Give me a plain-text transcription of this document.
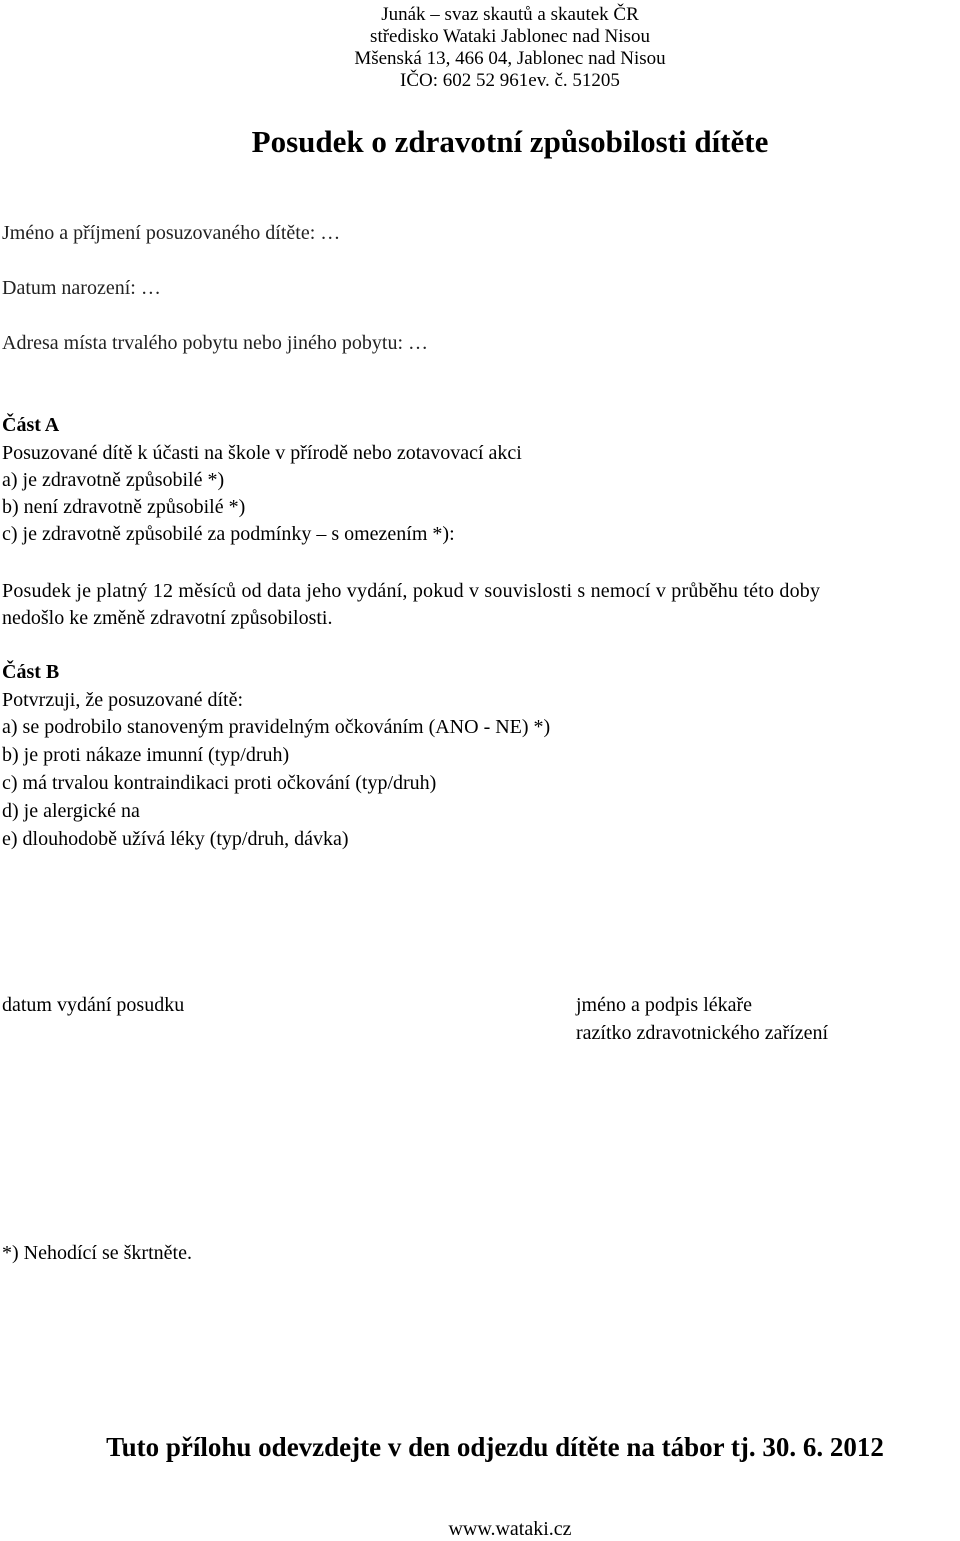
Junák – svaz skautů a skautek ČR
středisko Wataki Jablonec nad Nisou
Mšenská 13, 466 04, Jablonec nad Nisou
IČO: 602 52 961ev. č. 51205
Posudek o zdravotní způsobilosti dítěte
Jméno a příjmení posuzovaného dítěte: …
Datum narození: …
Adresa místa trvalého pobytu nebo jiného pobytu: …
Část A
Posuzované dítě k účasti na škole v přírodě nebo zotavovací akci
a) je zdravotně způsobilé *)
b) není zdravotně způsobilé *)
c) je zdravotně způsobilé za podmínky – s omezením *):
Posudek je platný 12 měsíců od data jeho vydání, pokud v souvislosti s nemocí v průběhu této doby
nedošlo ke změně zdravotní způsobilosti.
Část B
Potvrzuji, že posuzované dítě:
a) se podrobilo stanoveným pravidelným očkováním (ANO - NE) *)
b) je proti nákaze imunní (typ/druh)
c) má trvalou kontraindikaci proti očkování (typ/druh)
d) je alergické na
e) dlouhodobě užívá léky (typ/druh, dávka)
datum vydání posudku	jméno a podpis lékaře
razítko zdravotnického zařízení
*) Nehodící se škrtněte.
Tuto přílohu odevzdejte v den odjezdu dítěte na tábor tj. 30. 6. 2012
www.wataki.cz
